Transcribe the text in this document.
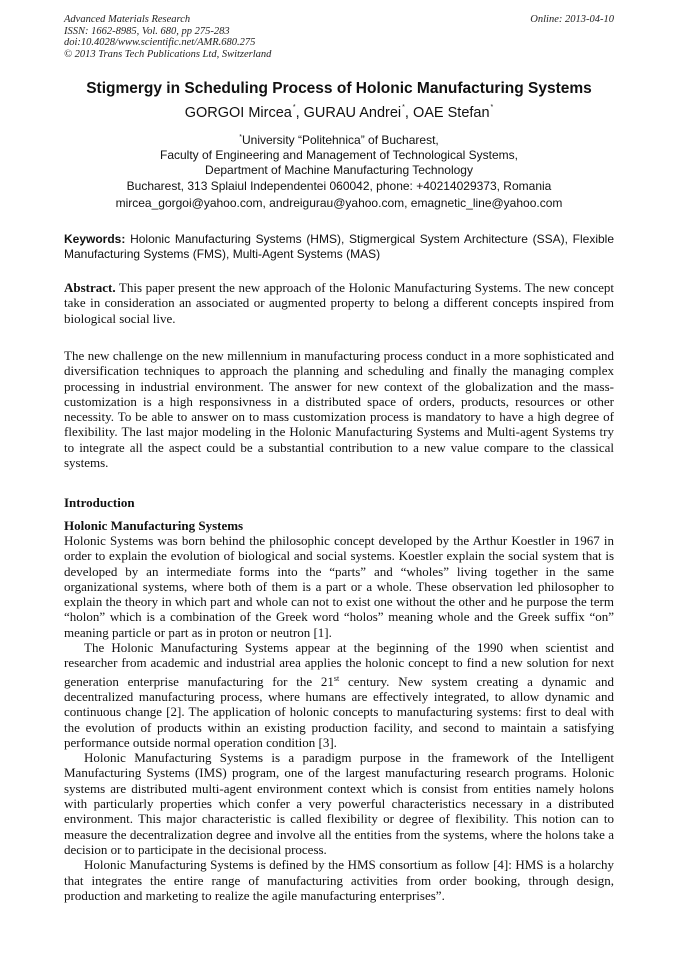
Advanced Materials Research
ISSN: 1662-8985, Vol. 680, pp 275-283
doi:10.4028/www.scientific.net/AMR.680.275
© 2013 Trans Tech Publications Ltd, Switzerland
Online: 2013-04-10
Stigmergy in Scheduling Process of Holonic Manufacturing Systems
GORGOI Mircea*, GURAU Andrei*, OAE Stefan*
*University “Politehnica” of Bucharest,
Faculty of Engineering and Management of Technological Systems,
Department of Machine Manufacturing Technology
Bucharest, 313 Splaiul Independentei 060042, phone: +40214029373, Romania
mircea_gorgoi@yahoo.com, andreigurau@yahoo.com, emagnetic_line@yahoo.com
Keywords: Holonic Manufacturing Systems (HMS), Stigmergical System Architecture (SSA), Flexible Manufacturing Systems (FMS), Multi-Agent Systems (MAS)
Abstract. This paper present the new approach of the Holonic Manufacturing Systems. The new concept take in consideration an associated or augmented property to belong a different concepts inspired from biological social live.
The new challenge on the new millennium in manufacturing process conduct in a more sophisticated and diversification techniques to approach the planning and scheduling and finally the managing complex processing in industrial environment. The answer for new context of the globalization and the mass-customization is a high responsivness in a distributed space of orders, products, resources or other necessity. To be able to answer on to mass customization process is mandatory to have a high degree of flexibility. The last major modeling in the Holonic Manufacturing Systems and Multi-agent Systems try to integrate all the aspect could be a substantial contribution to a new value compare to the classical systems.
Introduction
Holonic Manufacturing Systems

Holonic Systems was born behind the philosophic concept developed by the Arthur Koestler in 1967 in order to explain the evolution of biological and social systems. Koestler explain the social system that is developed by an intermediate forms into the “parts” and “wholes” living together in the same organizational systems, where both of them is a part or a whole. These observation led philosopher to explain the theory in which part and whole can not to exist one without the other and he purpose the term “holon” which is a combination of the Greek word “holos” meaning whole and the Greek suffix “on” meaning particle or part as in proton or neutron [1].

The Holonic Manufacturing Systems appear at the beginning of the 1990 when scientist and researcher from academic and industrial area applies the holonic concept to find a new solution for next generation enterprise manufacturing for the 21st century. New system creating a dynamic and decentralized manufacturing process, where humans are effectively integrated, to allow dynamic and continuous change [2]. The application of holonic concepts to manufacturing systems: first to deal with the evolution of products within an existing production facility, and second to maintain a satisfying performance outside normal operation condition [3].

Holonic Manufacturing Systems is a paradigm purpose in the framework of the Intelligent Manufacturing Systems (IMS) program, one of the largest manufacturing research programs. Holonic systems are distributed multi-agent environment context which is consist from entities namely holons with particularly properties which confer a very powerful characteristics necessary in a distributed environment. This major characteristic is called flexibility or degree of flexibility. This notion can to measure the decentralization degree and involve all the entities from the systems, where the holons take a decision or to participate in the decisional process.

Holonic Manufacturing Systems is defined by the HMS consortium as follow [4]: HMS is a holarchy that integrates the entire range of manufacturing activities from order booking, through design, production and marketing to realize the agile manufacturing enterprises”.
